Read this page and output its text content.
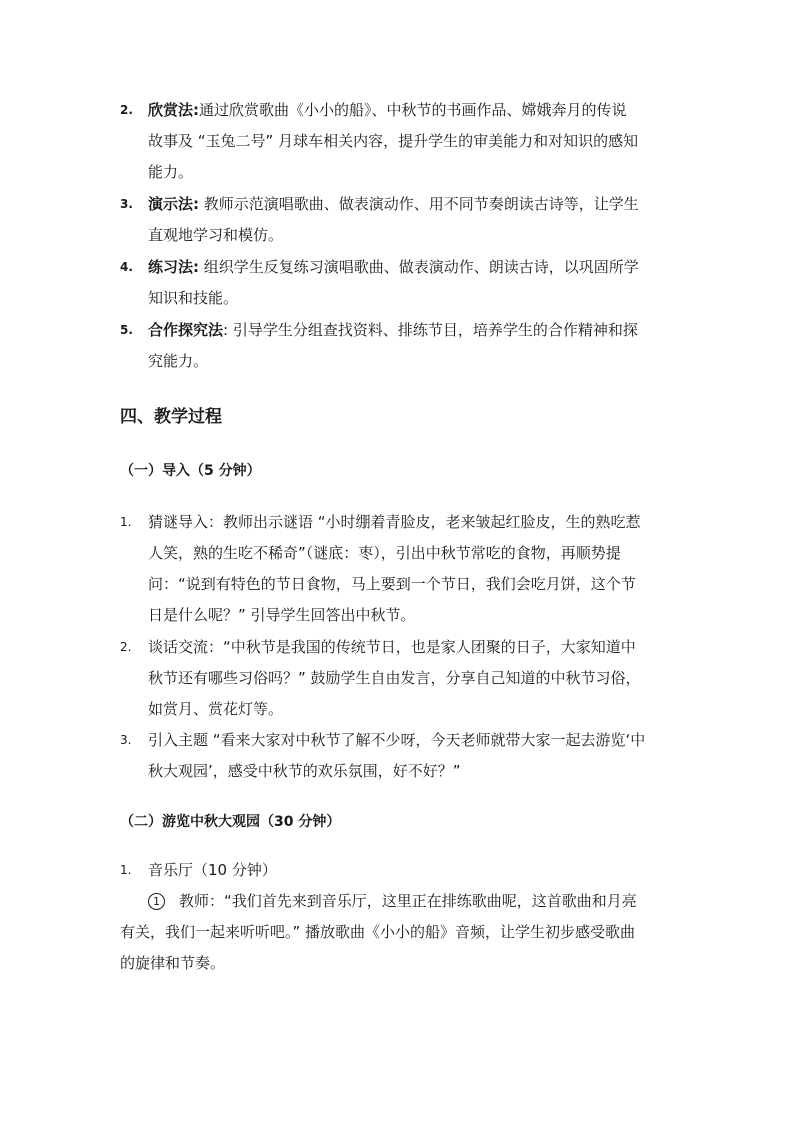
2. 欣赏法:通过欣赏歌曲《小小的船》、中秋节的书画作品、嫦娥奔月的传说
故事及 “玉兔二号” 月球车相关内容，提升学生的审美能力和对知识的感知
能力。
3. 演示法: 教师示范演唱歌曲、做表演动作、用不同节奏朗读古诗等，让学生
直观地学习和模仿。
4. 练习法: 组织学生反复练习演唱歌曲、做表演动作、朗读古诗，以巩固所学
知识和技能。
5. 合作探究法: 引导学生分组查找资料、排练节目，培养学生的合作精神和探
究能力。
四、教学过程
（一）导入（5 分钟）
1. 猜谜导入：教师出示谜语 “小时绷着青脸皮，老来皱起红脸皮，生的熟吃惹
人笑，熟的生吃不稀奇”（谜底：枣），引出中秋节常吃的食物，再顺势提
问：“说到有特色的节日食物，马上要到一个节日，我们会吃月饼，这个节
日是什么呢？” 引导学生回答出中秋节。
2. 谈话交流：“中秋节是我国的传统节日，也是家人团聚的日子，大家知道中
秋节还有哪些习俗吗？” 鼓励学生自由发言，分享自己知道的中秋节习俗，
如赏月、赏花灯等。
3. 引入主题 “看来大家对中秋节了解不少呀，今天老师就带大家一起去游览‘中
秋大观园’，感受中秋节的欢乐氛围，好不好？”
（二）游览中秋大观园（30 分钟）
1. 音乐厅（10 分钟）
1 教师：“我们首先来到音乐厅，这里正在排练歌曲呢，这首歌曲和月亮
有关，我们一起来听听吧。” 播放歌曲《小小的船》音频，让学生初步感受歌曲
的旋律和节奏。
